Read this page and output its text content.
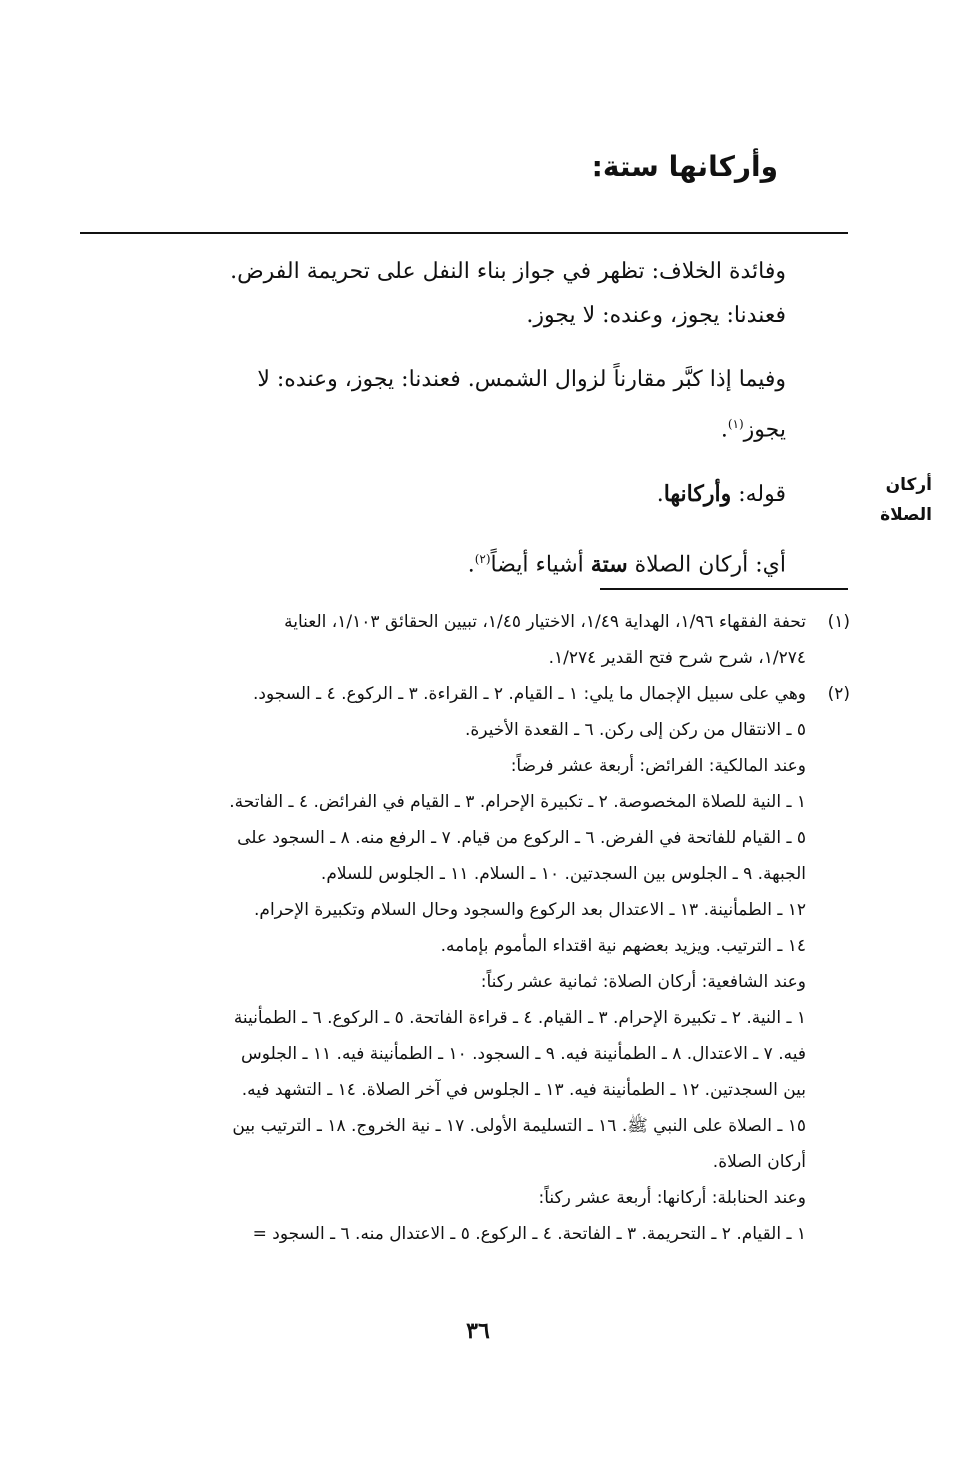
وأركانها ستة:

وفائدة الخلاف: تظهر في جواز بناء النفل على تحريمة الفرض.

فعندنا: يجوز، وعنده: لا يجوز.

وفيما إذا كبَّر مقارناً لزوال الشمس. فعندنا: يجوز، وعنده: لا

يجوز$^{(١)}$.

قوله: وأركانها.

أي: أركان الصلاة ستة أشياء أيضاً$^{(٢)}$.

أركان
الصلاة
(١)
تحفة الفقهاء ١/٩٦، الهداية ١/٤٩، الاختيار ١/٤٥، تبيين الحقائق ١/١٠٣، العناية
١/٢٧٤، شرح شرح فتح القدير ١/٢٧٤.
(٢)
وهي على سبيل الإجمال ما يلي: ١ ـ القيام. ٢ ـ القراءة. ٣ ـ الركوع. ٤ ـ السجود.
٥ ـ الانتقال من ركن إلى ركن. ٦ ـ القعدة الأخيرة.
وعند المالكية: الفرائض: أربعة عشر فرضاً:
١ ـ النية للصلاة المخصوصة. ٢ ـ تكبيرة الإحرام. ٣ ـ القيام في الفرائض. ٤ ـ الفاتحة.
٥ ـ القيام للفاتحة في الفرض. ٦ ـ الركوع من قيام. ٧ ـ الرفع منه. ٨ ـ السجود على
الجبهة. ٩ ـ الجلوس بين السجدتين. ١٠ ـ السلام. ١١ ـ الجلوس للسلام.
١٢ ـ الطمأنينة. ١٣ ـ الاعتدال بعد الركوع والسجود وحال السلام وتكبيرة الإحرام.
١٤ ـ الترتيب. ويزيد بعضهم نية اقتداء المأموم بإمامه.
وعند الشافعية: أركان الصلاة: ثمانية عشر ركناً:
١ ـ النية. ٢ ـ تكبيرة الإحرام. ٣ ـ القيام. ٤ ـ قراءة الفاتحة. ٥ ـ الركوع. ٦ ـ الطمأنينة
فيه. ٧ ـ الاعتدال. ٨ ـ الطمأنينة فيه. ٩ ـ السجود. ١٠ ـ الطمأنينة فيه. ١١ ـ الجلوس
بين السجدتين. ١٢ ـ الطمأنينة فيه. ١٣ ـ الجلوس في آخر الصلاة. ١٤ ـ التشهد فيه.
١٥ ـ الصلاة على النبي ﷺ. ١٦ ـ التسليمة الأولى. ١٧ ـ نية الخروج. ١٨ ـ الترتيب بين
أركان الصلاة.
وعند الحنابلة: أركانها: أربعة عشر ركناً:
١ ـ القيام. ٢ ـ التحريمة. ٣ ـ الفاتحة. ٤ ـ الركوع. ٥ ـ الاعتدال منه. ٦ ـ السجود =
٣٦
